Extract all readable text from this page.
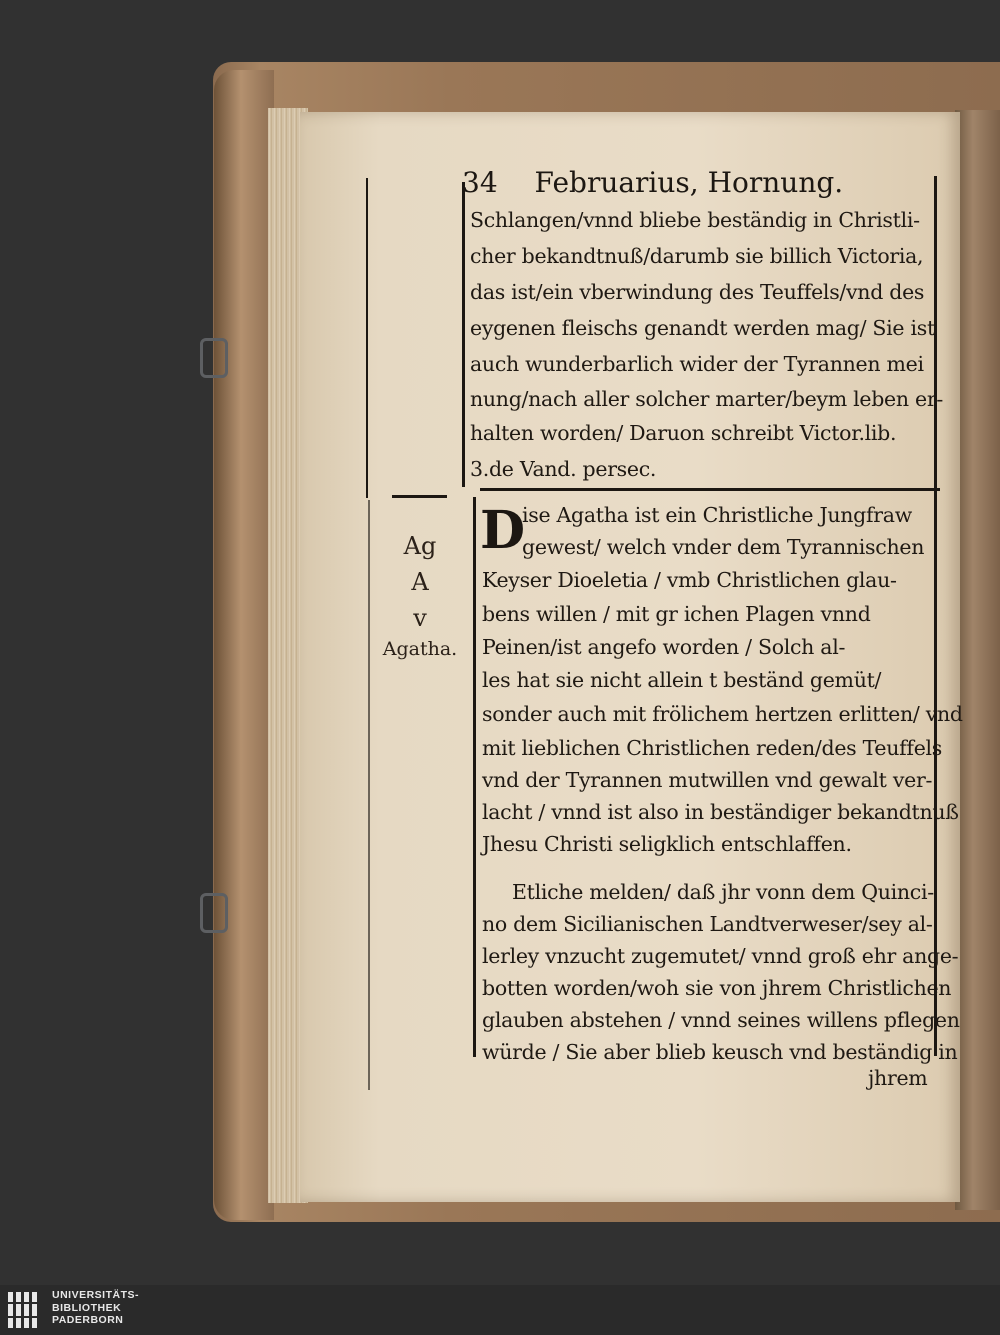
34 Februarius, Hornung.
Schlangen/vnnd bliebe beständig in Christli-
cher bekandtnuß/darumb sie billich Victoria,
das ist/ein vberwindung des Teuffels/vnd des
eygenen fleischs genandt werden mag/ Sie ist
auch wunderbarlich wider der Tyrannen mei
nung/nach aller solcher marter/beym leben er-
halten worden/ Daruon schreibt Victor.lib.
3.de Vand. persec.
Ag
A
v
Agatha.
D
ise Agatha ist ein Christliche Jungfraw
gewest/ welch vnder dem Tyrannischen
Keyser Dioeletia / vmb Christlichen glau-
bens willen / mit gr ichen Plagen vnnd
Peinen/ist angefo worden / Solch al-
les hat sie nicht allein t beständ gemüt/
sonder auch mit frölichem hertzen erlitten/ vnd
mit lieblichen Christlichen reden/des Teuffels
vnd der Tyrannen mutwillen vnd gewalt ver-
lacht / vnnd ist also in beständiger bekandtnuß
Jhesu Christi seligklich entschlaffen.
Etliche melden/ daß jhr vonn dem Quinci-
no dem Sicilianischen Landtverweser/sey al-
lerley vnzucht zugemutet/ vnnd groß ehr ange-
botten worden/woh sie von jhrem Christlichen
glauben abstehen / vnnd seines willens pflegen
würde / Sie aber blieb keusch vnd beständig in
jhrem
UNIVERSITÄTS-
BIBLIOTHEK
PADERBORN
